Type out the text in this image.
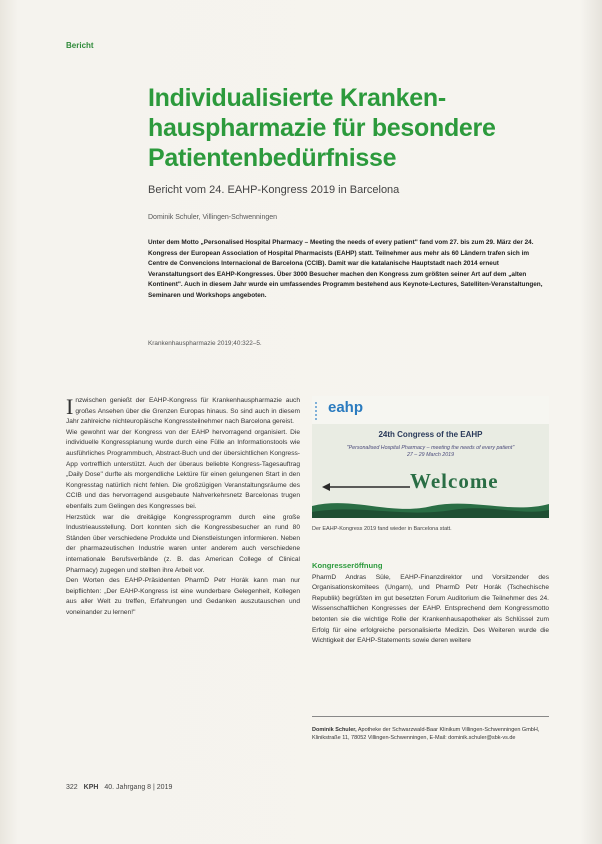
Bericht
Individualisierte Kranken-
hauspharmazie für besondere
Patientenbedürfnisse
Bericht vom 24. EAHP-Kongress 2019 in Barcelona
Dominik Schuler, Villingen-Schwenningen
Unter dem Motto „Personalised Hospital Pharmacy – Meeting the needs of every patient" fand vom 27. bis zum 29. März der 24. Kongress der European Association of Hospital Pharmacists (EAHP) statt. Teilnehmer aus mehr als 60 Ländern trafen sich im Centre de Convencions Internacional de Barcelona (CCIB). Damit war die katalanische Hauptstadt nach 2014 erneut Veranstaltungsort des EAHP-Kongresses. Über 3000 Besucher machen den Kongress zum größten seiner Art auf dem „alten Kontinent". Auch in diesem Jahr wurde ein umfassendes Programm bestehend aus Keynote-Lectures, Satelliten-Veranstaltungen, Seminaren und Workshops angeboten.
Krankenhauspharmazie 2019;40:322–5.

Inzwischen genießt der EAHP-Kongress für Krankenhauspharmazie auch großes Ansehen über die Grenzen Europas hinaus. So sind auch in diesem Jahr zahlreiche nichteuropäische Kongressteilnehmer nach Barcelona gereist.

Wie gewohnt war der Kongress von der EAHP hervorragend organisiert. Die individuelle Kongressplanung wurde durch eine Fülle an Informationstools wie ausführliches Programmbuch, Abstract-Buch und der übersichtlichen Kongress-App vortrefflich unterstützt. Auch der überaus beliebte Kongress-Tagesauftrag „Daily Dose" durfte als morgendliche Lektüre für einen gelungenen Start in den Kongresstag natürlich nicht fehlen. Die großzügigen Veranstaltungsräume des CCIB und das hervorragend ausgebaute Nahverkehrsnetz Barcelonas trugen ebenfalls zum Gelingen des Kongresses bei.

Herzstück war die dreitägige Kongressprogramm durch eine große Industrieausstellung. Dort konnten sich die Kongressbesucher an rund 80 Ständen über verschiedene Produkte und Dienstleistungen informieren. Neben der pharmazeutischen Industrie waren unter anderem auch verschiedene internationale Berufsverbände (z. B. das American College of Clinical Pharmacy) zugegen und stellten ihre Arbeit vor.

Den Worten des EAHP-Präsidenten PharmD Petr Horák kann man nur beipflichten: „Der EAHP-Kongress ist eine wunderbare Gelegenheit, Kollegen aus aller Welt zu treffen, Erfahrungen und Gedanken auszutauschen und voneinander zu lernen!"

eahp
24th Congress of the EAHP
"Personalised Hospital Pharmacy – meeting the needs of every patient"
27 – 29 March 2019
Welcome
Der EAHP-Kongress 2019 fand wieder in Barcelona statt.
Kongresseröffnung

PharmD Andras Süle, EAHP-Finanzdirektor und Vorsitzender des Organisationskomitees (Ungarn), und PharmD Petr Horák (Tschechische Republik) begrüßten im gut besetzten Forum Auditorium die Teilnehmer des 24. Wissenschaftlichen Kongresses der EAHP. Entsprechend dem Kongressmotto betonten sie die wichtige Rolle der Krankenhausapotheker als Schlüssel zum Erfolg für eine erfolgreiche personalisierte Medizin. Des Weiteren wurde die Wichtigkeit der EAHP-Statements sowie deren weitere

Dominik Schuler, Apotheke der Schwarzwald-Baar Klinikum Villingen-Schwenningen GmbH, Klinikstraße 11, 78052 Villingen-Schwenningen, E-Mail: dominik.schuler@sbk-vs.de
322 KPH 40. Jahrgang 8 | 2019
